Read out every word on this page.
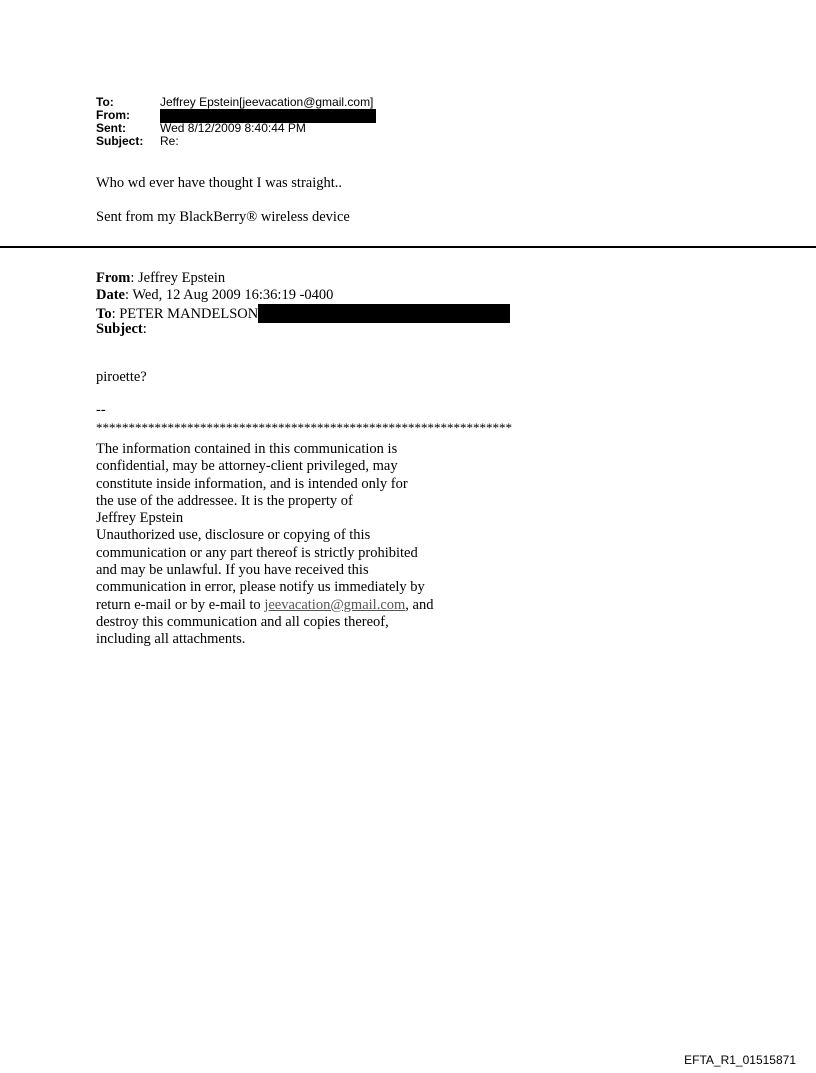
To:	Jeffrey Epstein[jeevacation@gmail.com]
From:
Sent:	Wed 8/12/2009 8:40:44 PM
Subject:	Re:
Who wd ever have thought I was straight..
Sent from my BlackBerry® wireless device
From: Jeffrey Epstein
Date: Wed, 12 Aug 2009 16:36:19 -0400
To: PETER MANDELSON
Subject:
piroette?
--
****************************************************************
The information contained in this communication is
confidential, may be attorney-client privileged, may
constitute inside information, and is intended only for
the use of the addressee. It is the property of
Jeffrey Epstein
Unauthorized use, disclosure or copying of this
communication or any part thereof is strictly prohibited
and may be unlawful. If you have received this
communication in error, please notify us immediately by
return e-mail or by e-mail to jeevacation@gmail.com, and
destroy this communication and all copies thereof,
including all attachments.
EFTA_R1_01515871
